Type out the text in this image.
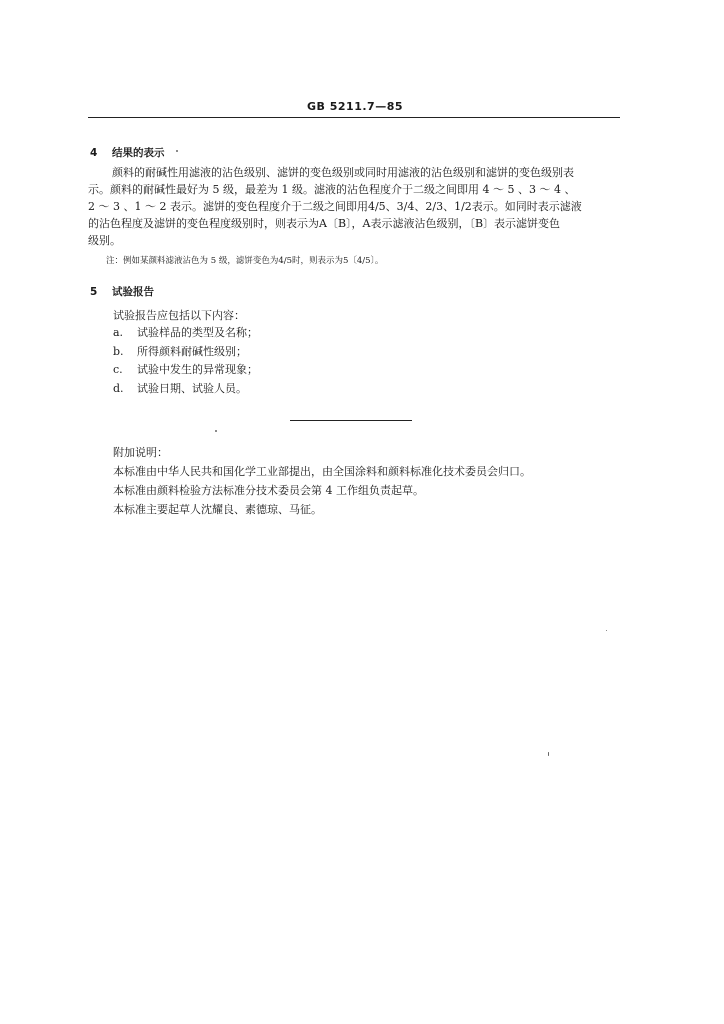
GB 5211.7—85
4 结果的表示
颜料的耐碱性用滤液的沾色级别、滤饼的变色级别或同时用滤液的沾色级别和滤饼的变色级别表
示。颜料的耐碱性最好为 5 级，最差为 1 级。滤液的沾色程度介于二级之间即用 4 ～ 5 、3 ～ 4 、
2 ～ 3 、1 ～ 2 表示。滤饼的变色程度介于二级之间即用4/5、3/4、2/3、1/2表示。如同时表示滤液
的沾色程度及滤饼的变色程度级别时，则表示为A〔B〕，A表示滤液沾色级别，〔B〕表示滤饼变色
级别。
注：例如某颜料滤液沾色为 5 级，滤饼变色为4/5时，则表示为5〔4/5〕。
5 试验报告
试验报告应包括以下内容：
a.	试验样品的类型及名称；
b.	所得颜料耐碱性级别；
c.	试验中发生的异常现象；
d.	试验日期、试验人员。
附加说明：
本标准由中华人民共和国化学工业部提出，由全国涂料和颜料标准化技术委员会归口。
本标准由颜料检验方法标准分技术委员会第 4 工作组负责起草。
本标准主要起草人沈耀良、素德琼、马征。
